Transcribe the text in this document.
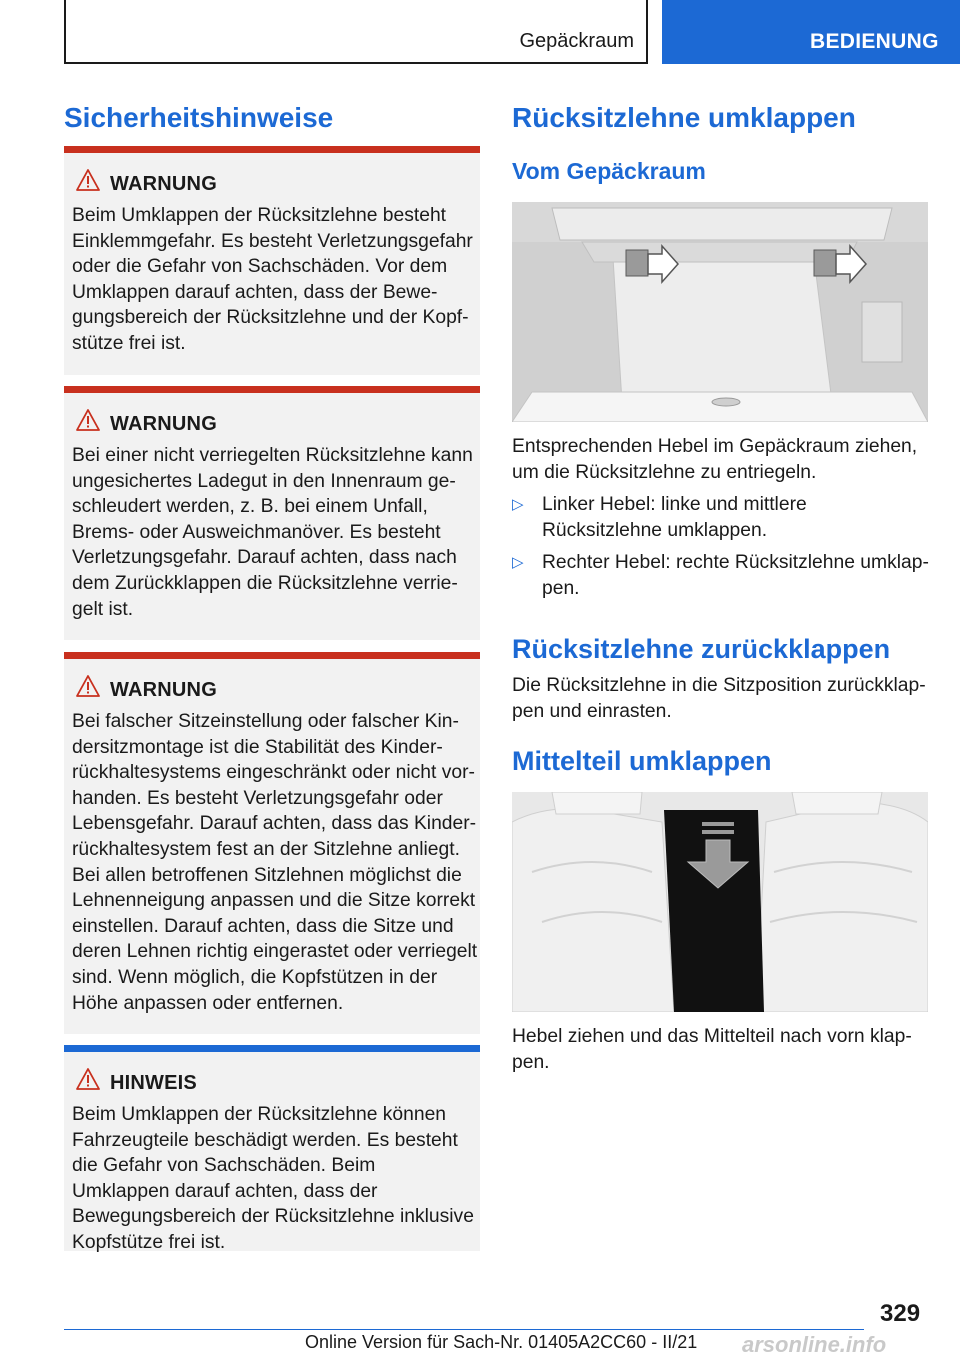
Gepäckraum	BEDIENUNG
Sicherheitshinweise
WARNUNG
Beim Umklappen der Rücksitzlehne besteht Einklemmgefahr. Es besteht Verletzungsgefahr oder die Gefahr von Sachschäden. Vor dem Umklappen darauf achten, dass der Bewe-gungsbereich der Rücksitzlehne und der Kopf-stütze frei ist.
WARNUNG
Bei einer nicht verriegelten Rücksitzlehne kann ungesichertes Ladegut in den Innenraum ge-schleudert werden, z. B. bei einem Unfall, Brems- oder Ausweichmanöver. Es besteht Verletzungsgefahr. Darauf achten, dass nach dem Zurückklappen die Rücksitzlehne verrie-gelt ist.
WARNUNG
Bei falscher Sitzeinstellung oder falscher Kin-dersitzmontage ist die Stabilität des Kinder-rückhaltesystems eingeschränkt oder nicht vor-handen. Es besteht Verletzungsgefahr oder Lebensgefahr. Darauf achten, dass das Kinder-rückhaltesystem fest an der Sitzlehne anliegt. Bei allen betroffenen Sitzlehnen möglichst die Lehnenneigung anpassen und die Sitze korrekt einstellen. Darauf achten, dass die Sitze und deren Lehnen richtig eingerastet oder verriegelt sind. Wenn möglich, die Kopfstützen in der Höhe anpassen oder entfernen.
HINWEIS
Beim Umklappen der Rücksitzlehne können Fahrzeugteile beschädigt werden. Es besteht die Gefahr von Sachschäden. Beim Umklappen darauf achten, dass der Bewegungsbereich der Rücksitzlehne inklusive Kopfstütze frei ist.
Rücksitzlehne umklappen
Vom Gepäckraum
Entsprechenden Hebel im Gepäckraum ziehen, um die Rücksitzlehne zu entriegeln.
▷ Linker Hebel: linke und mittlere Rücksitzlehne umklappen.
▷ Rechter Hebel: rechte Rücksitzlehne umklap-pen.
Rücksitzlehne zurückklappen
Die Rücksitzlehne in die Sitzposition zurückklap-pen und einrasten.
Mittelteil umklappen
Hebel ziehen und das Mittelteil nach vorn klap-pen.
329
Online Version für Sach-Nr. 01405A2CC60 - II/21 arsonline.info
